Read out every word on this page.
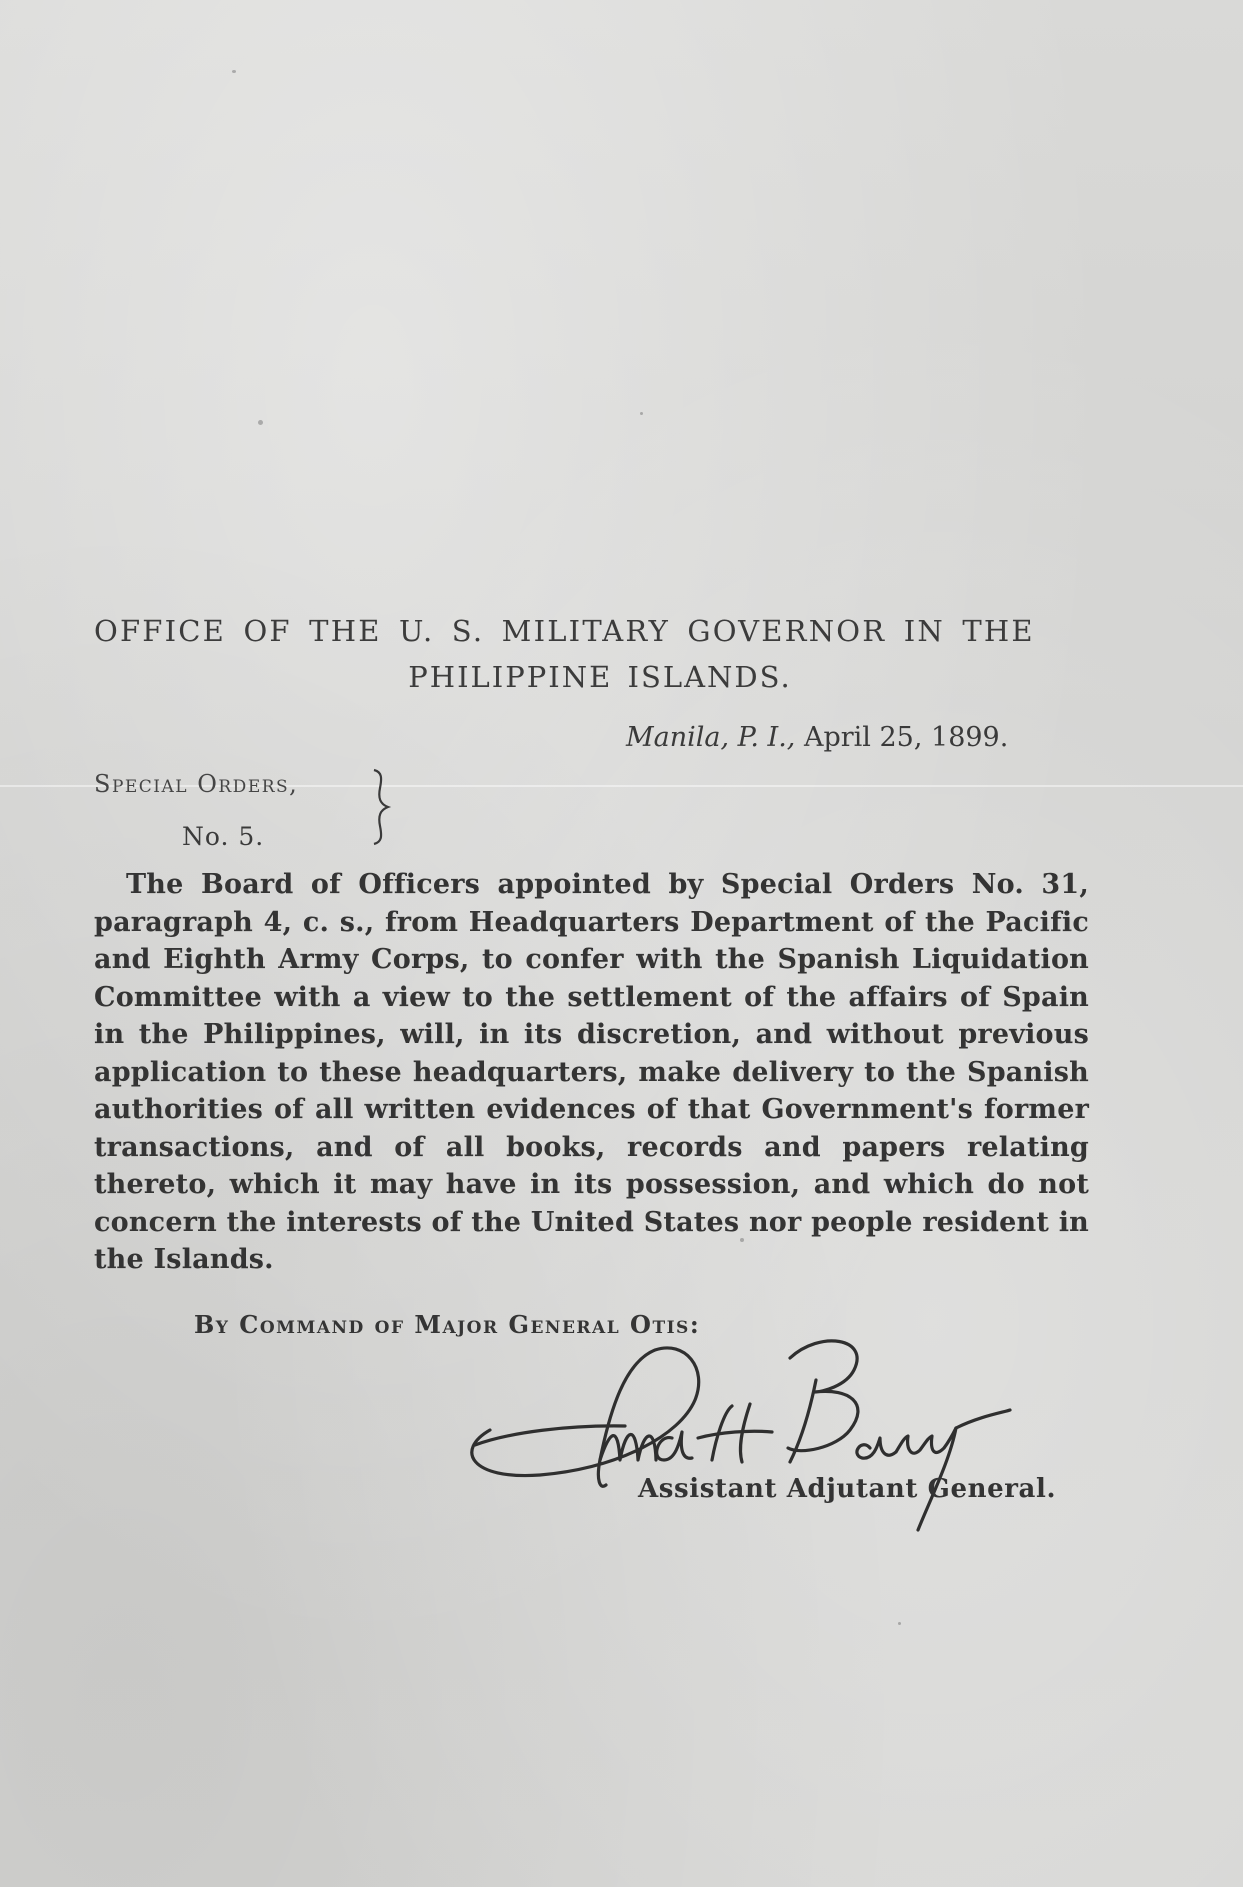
OFFICE OF THE U. S. MILITARY GOVERNOR IN THE
PHILIPPINE ISLANDS.
Manila, P. I., April 25, 1899.
Special Orders,
No. 5.
The Board of Officers appointed by Special Orders No. 31, paragraph 4, c. s., from Headquarters Department of the Pacific and Eighth Army Corps, to confer with the Spanish Liquidation Committee with a view to the settlement of the affairs of Spain in the Philippines, will, in its discretion, and without previous application to these headquarters, make delivery to the Spanish authorities of all written evidences of that Government's former transactions, and of all books, records and papers relating thereto, which it may have in its possession, and which do not concern the interests of the United States nor people resident in the Islands.
By Command of Major General Otis:
Assistant Adjutant General.
